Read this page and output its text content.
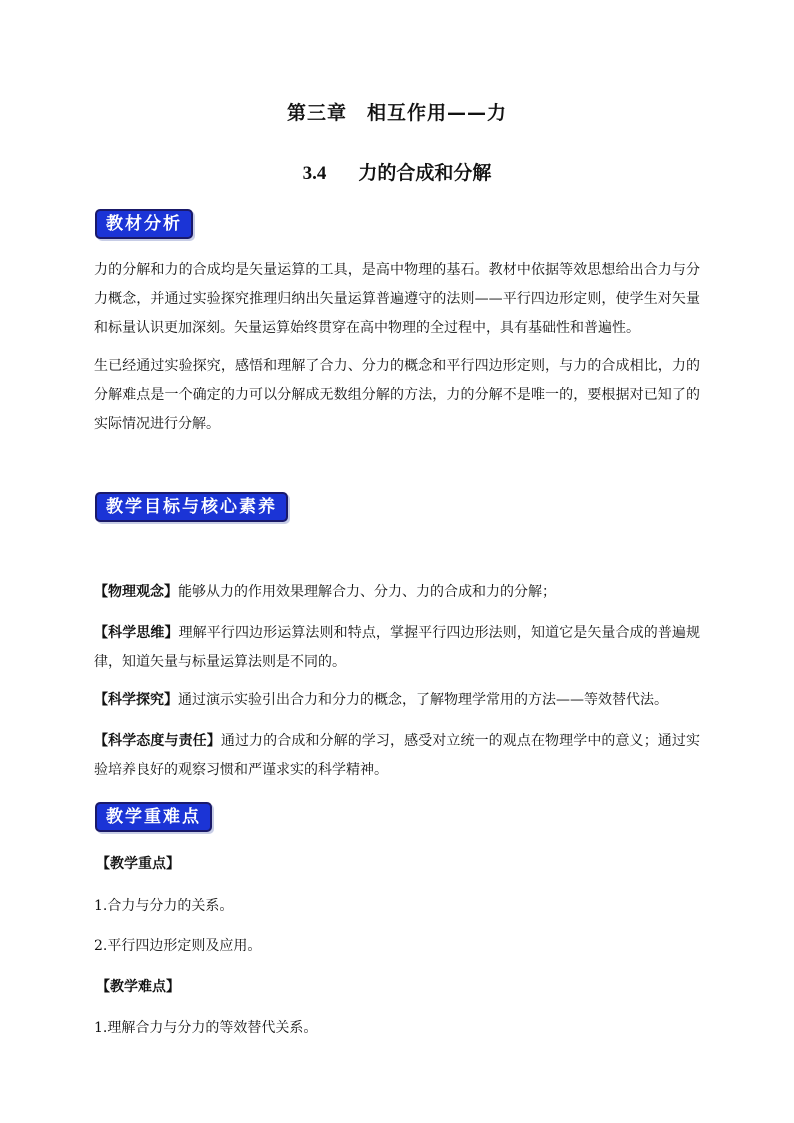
第三章　相互作用——力
3.4 力的合成和分解
教材分析
力的分解和力的合成均是矢量运算的工具，是高中物理的基石。教材中依据等效思想给出合力与分力概念，并通过实验探究推理归纳出矢量运算普遍遵守的法则——平行四边形定则，使学生对矢量和标量认识更加深刻。矢量运算始终贯穿在高中物理的全过程中，具有基础性和普遍性。
生已经通过实验探究，感悟和理解了合力、分力的概念和平行四边形定则，与力的合成相比，力的分解难点是一个确定的力可以分解成无数组分解的方法，力的分解不是唯一的，要根据对已知了的实际情况进行分解。
教学目标与核心素养
【物理观念】能够从力的作用效果理解合力、分力、力的合成和力的分解；
【科学思维】理解平行四边形运算法则和特点，掌握平行四边形法则，知道它是矢量合成的普遍规律，知道矢量与标量运算法则是不同的。
【科学探究】通过演示实验引出合力和分力的概念，了解物理学常用的方法——等效替代法。
【科学态度与责任】通过力的合成和分解的学习，感受对立统一的观点在物理学中的意义；通过实验培养良好的观察习惯和严谨求实的科学精神。
教学重难点
【教学重点】
1.合力与分力的关系。
2.平行四边形定则及应用。
【教学难点】
1.理解合力与分力的等效替代关系。
